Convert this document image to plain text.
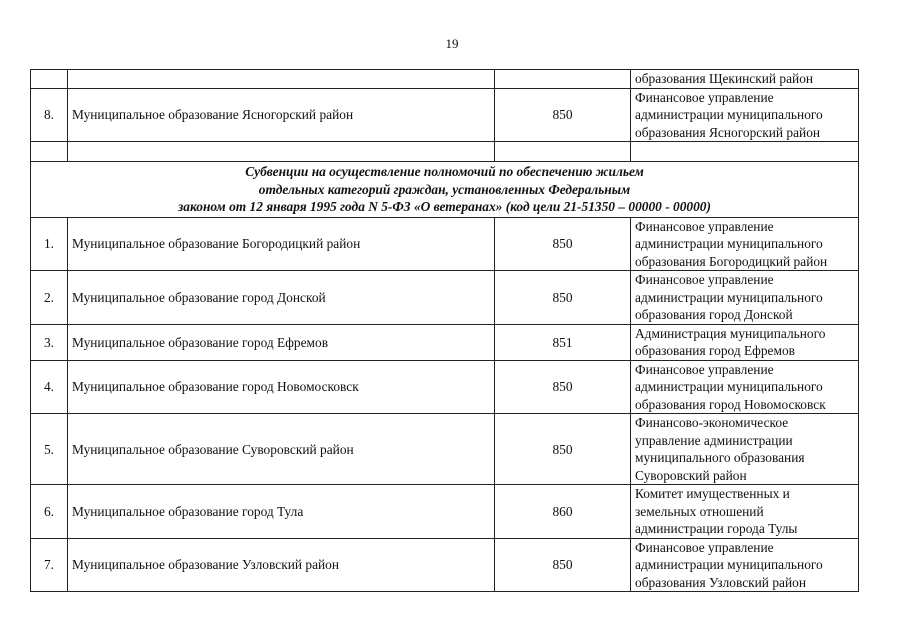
19

			образования Щекинский район

8.	Муниципальное образование Ясногорский район	850	Финансовое управление
администрации муниципального
образования Ясногорский район

Субвенции на осуществление полномочий по обеспечению жильем
отдельных категорий граждан, установленных Федеральным
законом от 12 января 1995 года N 5-ФЗ «О ветеранах» (код цели 21-51350 – 00000 - 00000)			

1.	Муниципальное образование Богородицкий район	850	Финансовое управление
администрации муниципального
образования Богородицкий район

2.	Муниципальное образование город Донской	850	Финансовое управление
администрации муниципального
образования город Донской

3.	Муниципальное образование город Ефремов	851	Администрация муниципального
образования город Ефремов

4.	Муниципальное образование город Новомосковск	850	Финансовое управление
администрации муниципального
образования город Новомосковск

5.	Муниципальное образование Суворовский район	850	Финансово-экономическое
управление администрации
муниципального образования
Суворовский район

6.	Муниципальное образование город Тула	860	Комитет имущественных и
земельных отношений
администрации города Тулы

7.	Муниципальное образование Узловский район	850	Финансовое управление
администрации муниципального
образования Узловский район
